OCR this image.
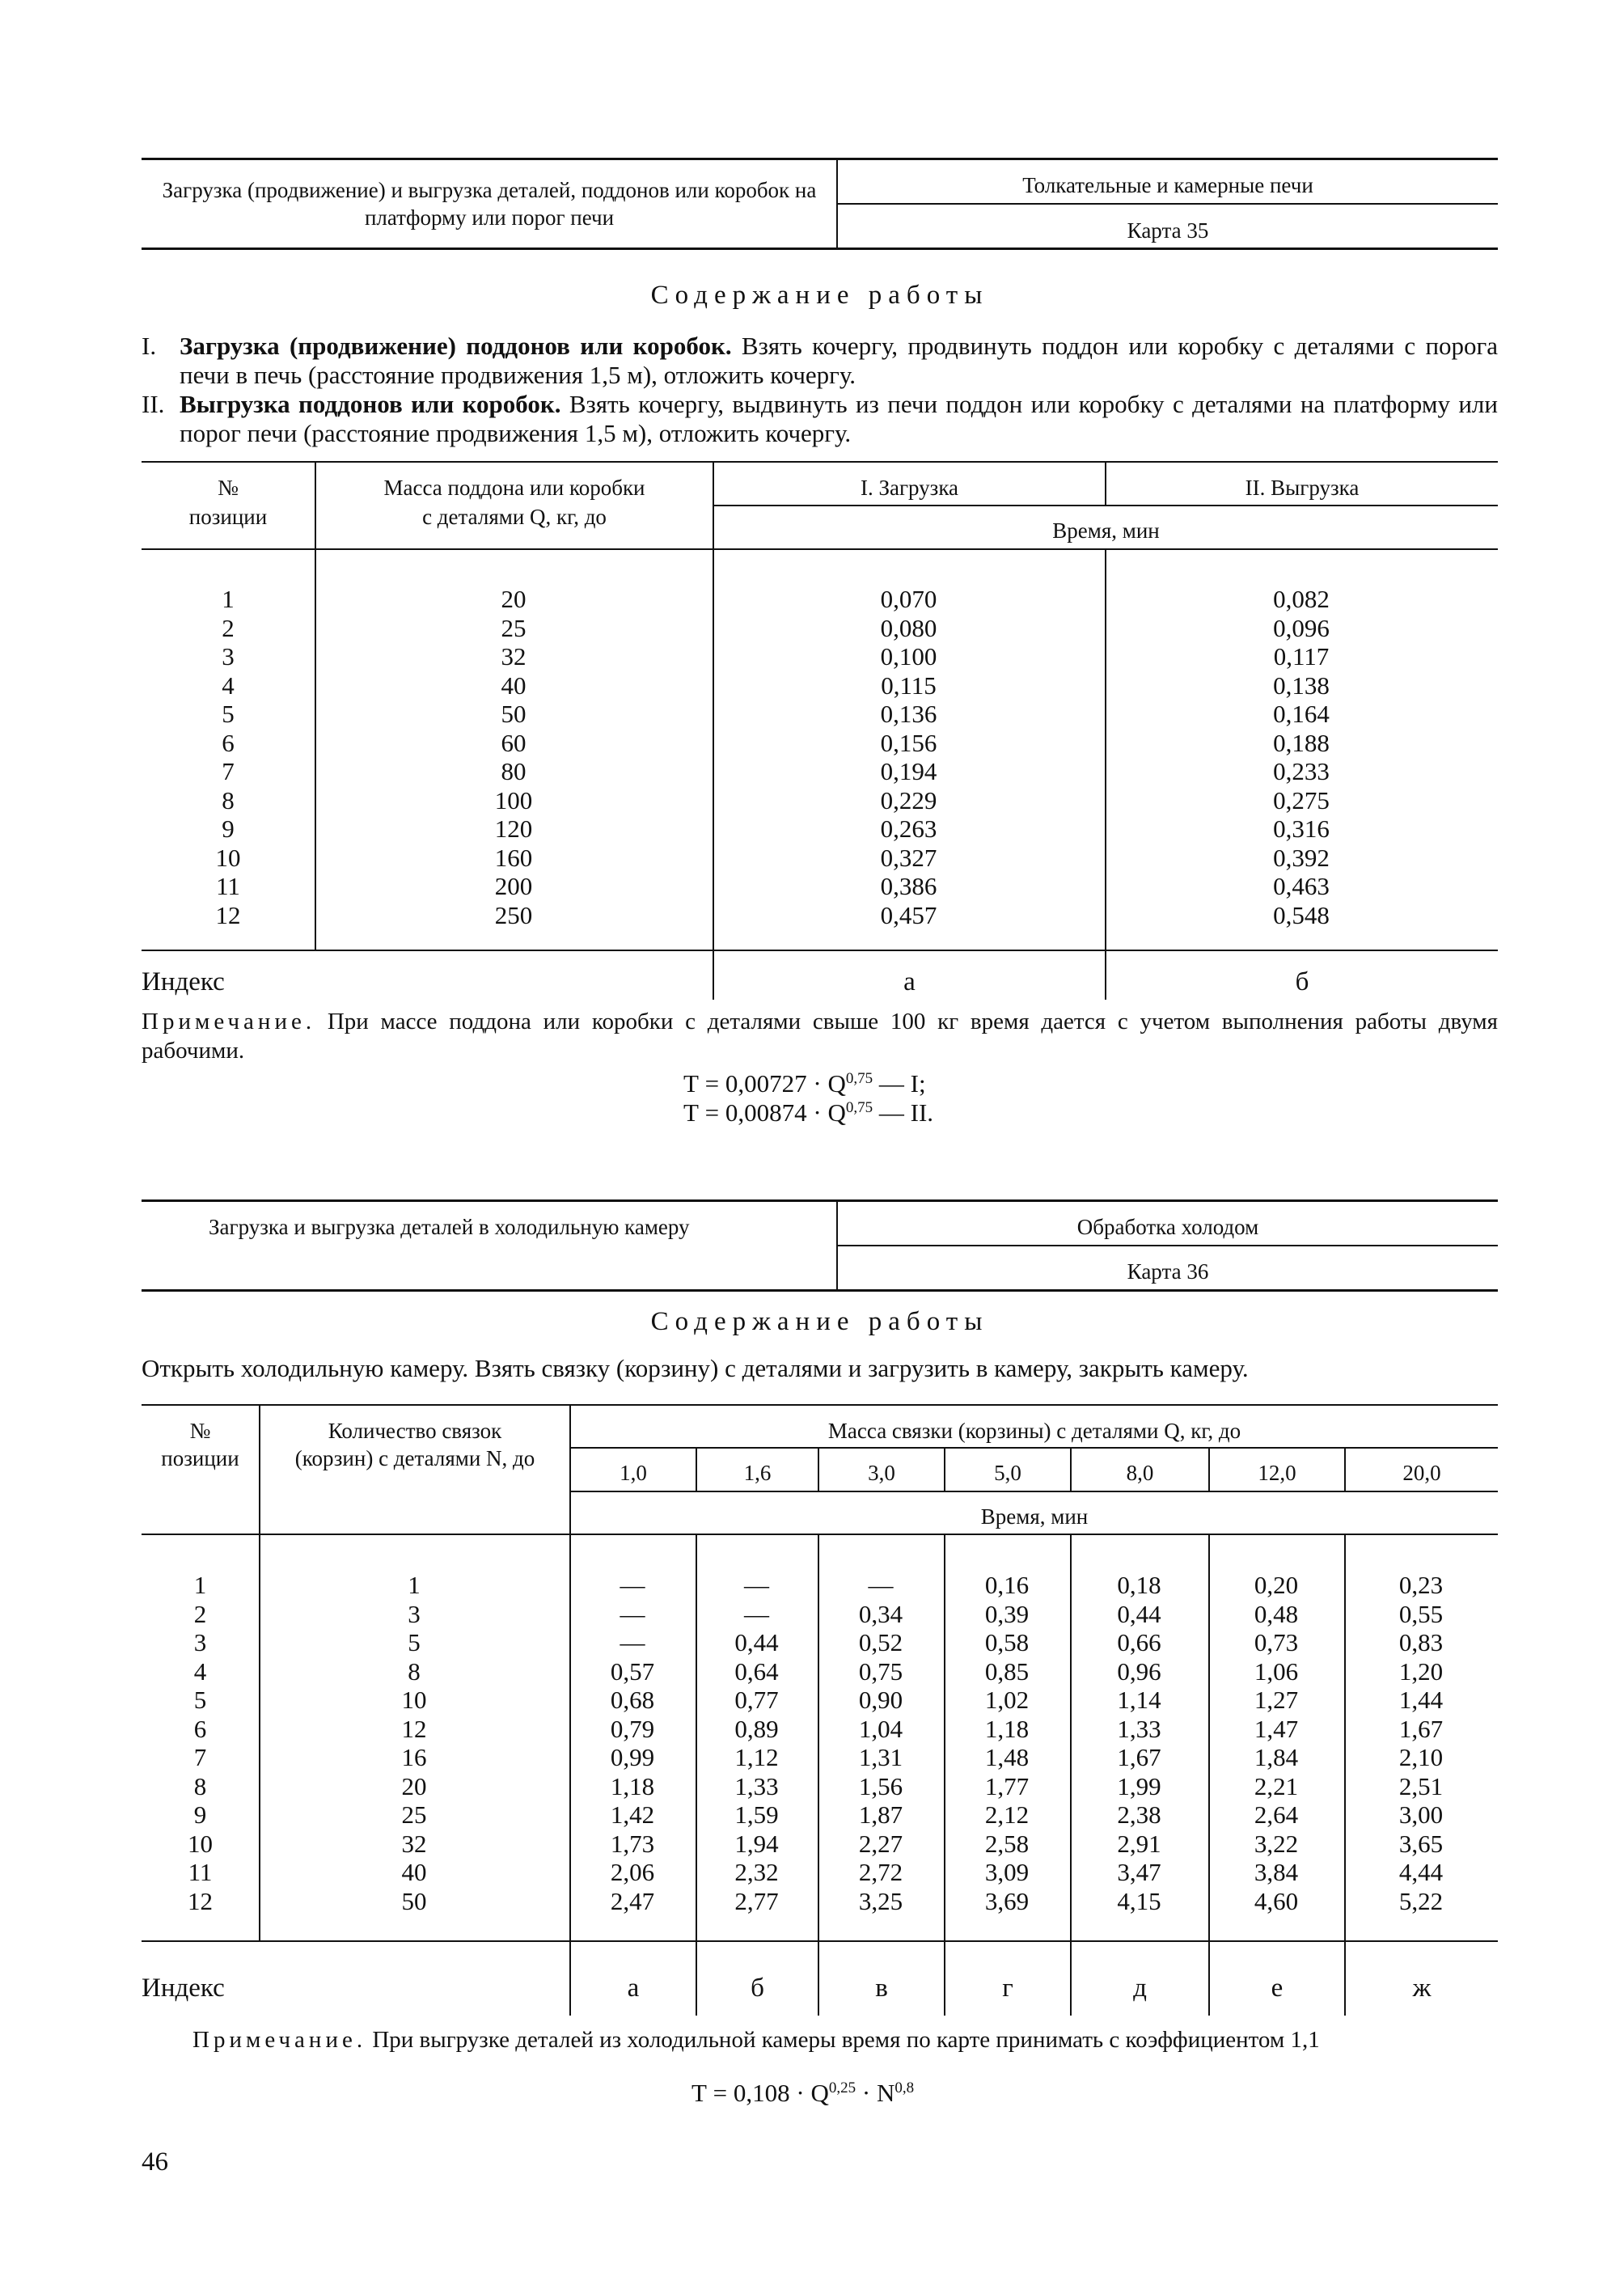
Загрузка (продвижение) и выгрузка деталей, поддонов или коробок на платформу или порог печи
Толкательные и камерные печи
Карта 35
Содержание работы
I. Загрузка (продвижение) поддонов или коробок. Взять кочергу, продвинуть поддон или коробку с деталями с порога печи в печь (расстояние продвижения 1,5 м), отложить кочергу.
II. Выгрузка поддонов или коробок. Взять кочергу, выдвинуть из печи поддон или коробку с деталями на платформу или порог печи (расстояние продвижения 1,5 м), отложить кочергу.
№
позиции
Масса поддона или коробки
с деталями Q, кг, до
I. Загрузка	II. Выгрузка
Время, мин
1	20	0,070	0,082
2	25	0,080	0,096
3	32	0,100	0,117
4	40	0,115	0,138
5	50	0,136	0,164
6	60	0,156	0,188
7	80	0,194	0,233
8	100	0,229	0,275
9	120	0,263	0,316
10	160	0,327	0,392
11	200	0,386	0,463
12	250	0,457	0,548
Индекс	а	б
Примечание. При массе поддона или коробки с деталями свыше 100 кг время дается с учетом выполнения работы двумя рабочими.
Т = 0,00727 · Q$^{0,75}$ — I;
Т = 0,00874 · Q$^{0,75}$ — II.
Загрузка и выгрузка деталей в холодильную камеру	Обработка холодом
Карта 36
Содержание работы
Открыть холодильную камеру. Взять связку (корзину) с деталями и загрузить в камеру, закрыть камеру.
№
позиции
Количество связок
(корзин) с деталями N, до
Масса связки (корзины) с деталями Q, кг, до
1,0	1,6	3,0	5,0	8,0	12,0	20,0
Время, мин
1	1	—	—	—	0,16	0,18	0,20	0,23
2	3	—	—	0,34	0,39	0,44	0,48	0,55
3	5	—	0,44	0,52	0,58	0,66	0,73	0,83
4	8	0,57	0,64	0,75	0,85	0,96	1,06	1,20
5	10	0,68	0,77	0,90	1,02	1,14	1,27	1,44
6	12	0,79	0,89	1,04	1,18	1,33	1,47	1,67
7	16	0,99	1,12	1,31	1,48	1,67	1,84	2,10
8	20	1,18	1,33	1,56	1,77	1,99	2,21	2,51
9	25	1,42	1,59	1,87	2,12	2,38	2,64	3,00
10	32	1,73	1,94	2,27	2,58	2,91	3,22	3,65
11	40	2,06	2,32	2,72	3,09	3,47	3,84	4,44
12	50	2,47	2,77	3,25	3,69	4,15	4,60	5,22
Индекс	а	б	в	г	д	е	ж
Примечание. При выгрузке деталей из холодильной камеры время по карте принимать с коэффициентом 1,1
Т = 0,108 · Q$^{0,25}$ · N$^{0,8}$
46
